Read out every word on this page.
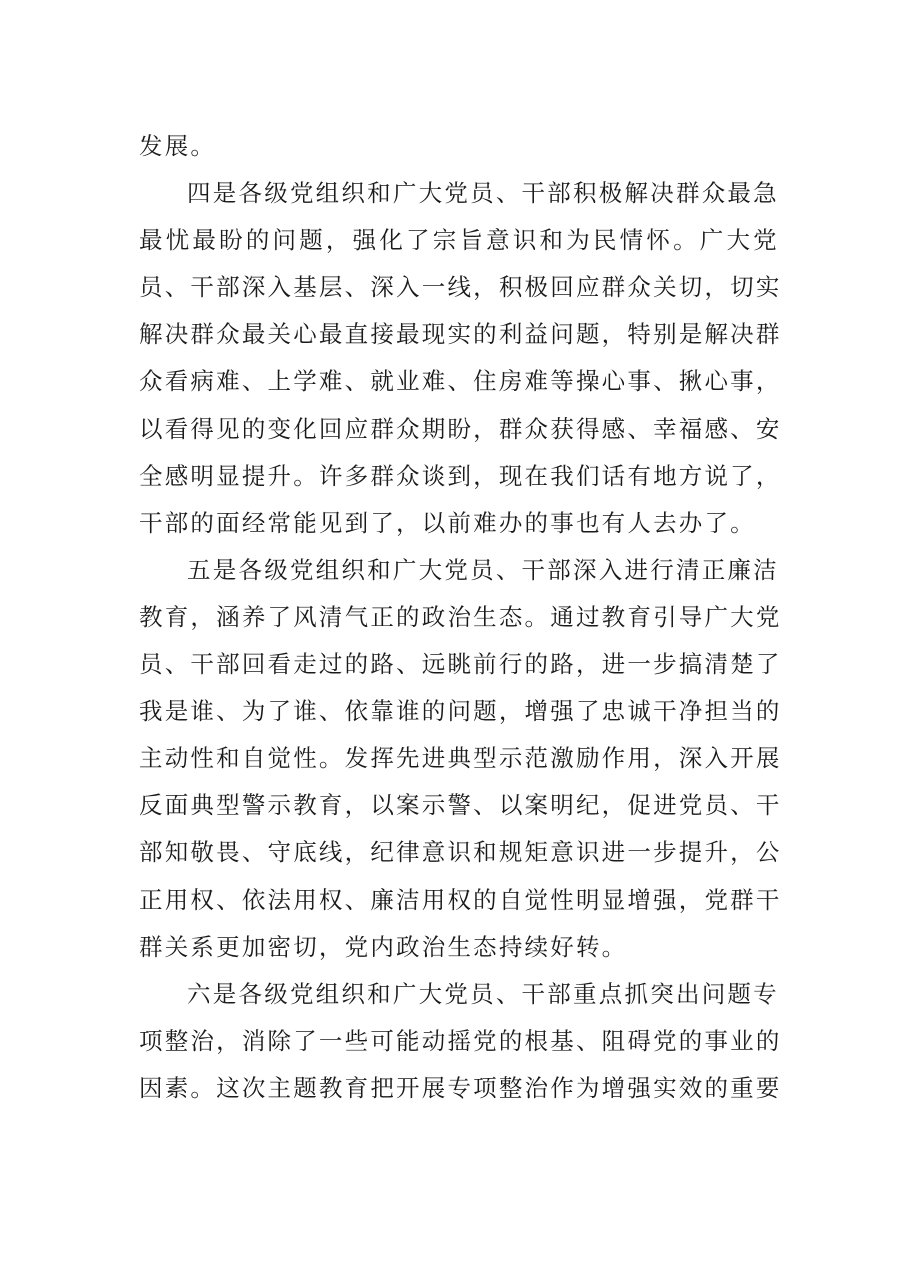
发 展 。
四 是 各 级 党 组 织 和 广 大 党 员 、 干 部 积 极 解 决 群 众 最 急
最 忧 最 盼 的 问 题 ， 强 化 了 宗 旨 意 识 和 为 民 情 怀 。 广 大 党
员 、 干 部 深 入 基 层 、 深 入 一 线 ， 积 极 回 应 群 众 关 切 ， 切 实
解 决 群 众 最 关 心 最 直 接 最 现 实 的 利 益 问 题 ， 特 别 是 解 决 群
众 看 病 难 、 上 学 难 、 就 业 难 、 住 房 难 等 操 心 事 、 揪 心 事 ，
以 看 得 见 的 变 化 回 应 群 众 期 盼 ， 群 众 获 得 感 、 幸 福 感 、 安
全 感 明 显 提 升 。 许 多 群 众 谈 到 ， 现 在 我 们 话 有 地 方 说 了 ，
干 部 的 面 经 常 能 见 到 了 ， 以 前 难 办 的 事 也 有 人 去 办 了 。
五 是 各 级 党 组 织 和 广 大 党 员 、 干 部 深 入 进 行 清 正 廉 洁
教 育 ， 涵 养 了 风 清 气 正 的 政 治 生 态 。 通 过 教 育 引 导 广 大 党
员 、 干 部 回 看 走 过 的 路 、 远 眺 前 行 的 路 ， 进 一 步 搞 清 楚 了
我 是 谁 、 为 了 谁 、 依 靠 谁 的 问 题 ， 增 强 了 忠 诚 干 净 担 当 的
主 动 性 和 自 觉 性 。 发 挥 先 进 典 型 示 范 激 励 作 用 ， 深 入 开 展
反 面 典 型 警 示 教 育 ， 以 案 示 警 、 以 案 明 纪 ， 促 进 党 员 、 干
部 知 敬 畏 、 守 底 线 ， 纪 律 意 识 和 规 矩 意 识 进 一 步 提 升 ， 公
正 用 权 、 依 法 用 权 、 廉 洁 用 权 的 自 觉 性 明 显 增 强 ， 党 群 干
群 关 系 更 加 密 切 ， 党 内 政 治 生 态 持 续 好 转 。
六 是 各 级 党 组 织 和 广 大 党 员 、 干 部 重 点 抓 突 出 问 题 专
项 整 治 ， 消 除 了 一 些 可 能 动 摇 党 的 根 基 、 阻 碍 党 的 事 业 的
因 素 。 这 次 主 题 教 育 把 开 展 专 项 整 治 作 为 增 强 实 效 的 重 要
